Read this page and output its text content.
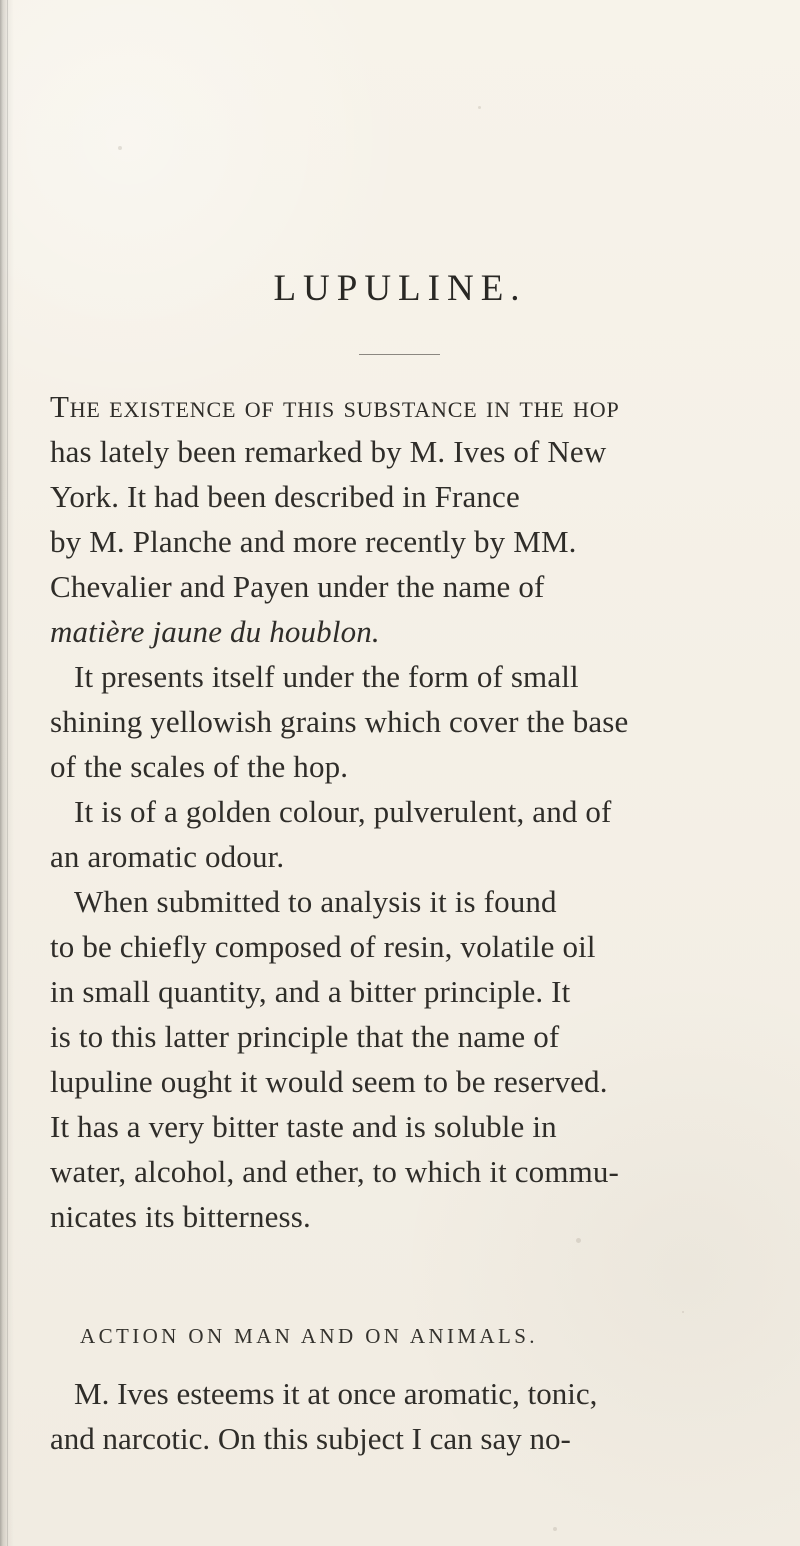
LUPULINE.
The existence of this substance in the hop
has lately been remarked by M. Ives of New
York. It had been described in France
by M. Planche and more recently by MM.
Chevalier and Payen under the name of
matière jaune du houblon.
It presents itself under the form of small
shining yellowish grains which cover the base
of the scales of the hop.
It is of a golden colour, pulverulent, and of
an aromatic odour.
When submitted to analysis it is found
to be chiefly composed of resin, volatile oil
in small quantity, and a bitter principle. It
is to this latter principle that the name of
lupuline ought it would seem to be reserved.
It has a very bitter taste and is soluble in
water, alcohol, and ether, to which it commu-
nicates its bitterness.
ACTION ON MAN AND ON ANIMALS.
M. Ives esteems it at once aromatic, tonic,
and narcotic. On this subject I can say no-
